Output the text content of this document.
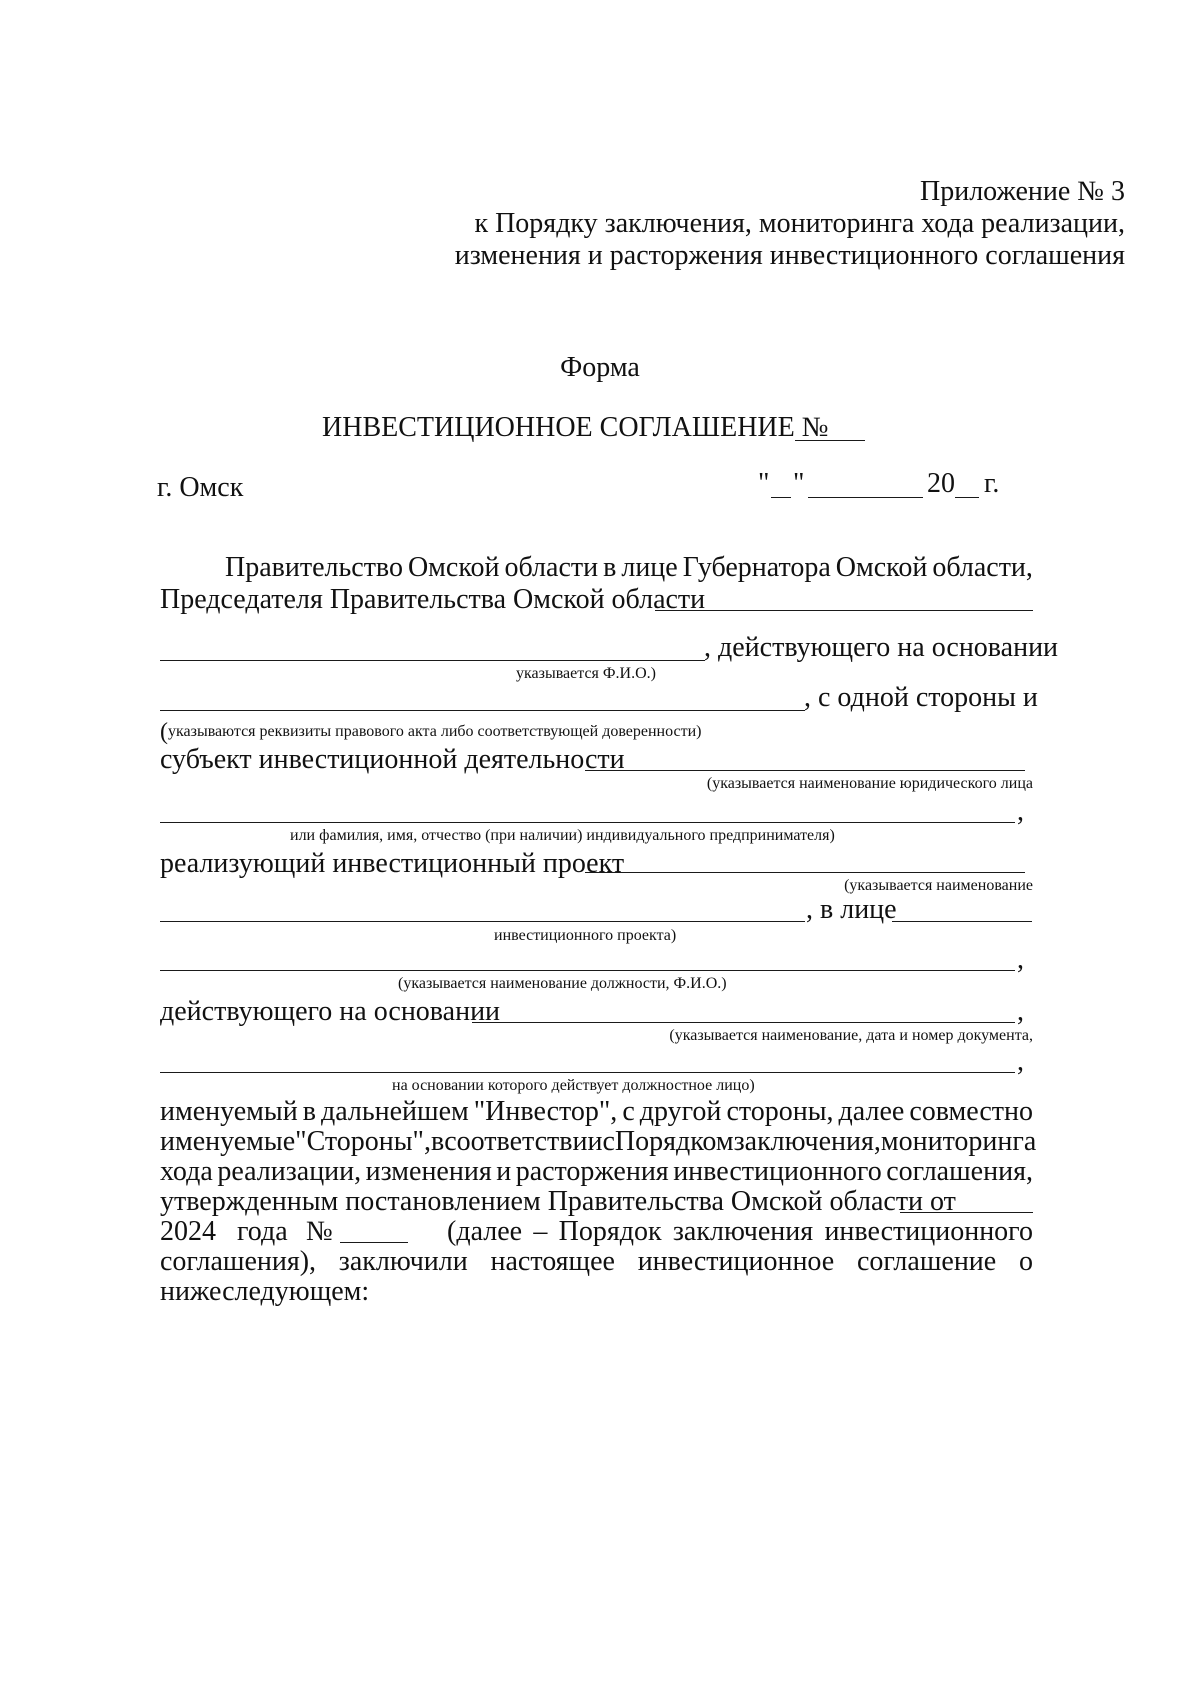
Приложение № 3
к Порядку заключения, мониторинга хода реализации,
изменения и расторжения инвестиционного соглашения
Форма
ИНВЕСТИЦИОННОЕ СОГЛАШЕНИЕ №
г. Омск	" "	20 г.
Правительство Омской области в лице Губернатора Омской области,
Председателя Правительства Омской области
, действующего на основании
указывается Ф.И.О.)
, с одной стороны и
( указываются реквизиты правового акта либо соответствующей доверенности)
субъект инвестиционной деятельности
(указывается наименование юридического лица
,
или фамилия, имя, отчество (при наличии) индивидуального предпринимателя)
реализующий инвестиционный проект
(указывается наименование
, в лице
инвестиционного проекта)
,
(указывается наименование должности, Ф.И.О.)
действующего на основании	,
(указывается наименование, дата и номер документа,
,
на основании которого действует должностное лицо)
именуемый в дальнейшем "Инвестор", с другой стороны, далее совместно
именуемые "Стороны", в соответствии с Порядком заключения, мониторинга
хода реализации, изменения и расторжения инвестиционного соглашения,
утвержденным постановлением Правительства Омской области от
2024 года №	(далее – Порядок заключения инвестиционного
соглашения), заключили настоящее инвестиционное соглашение о
нижеследующем:
